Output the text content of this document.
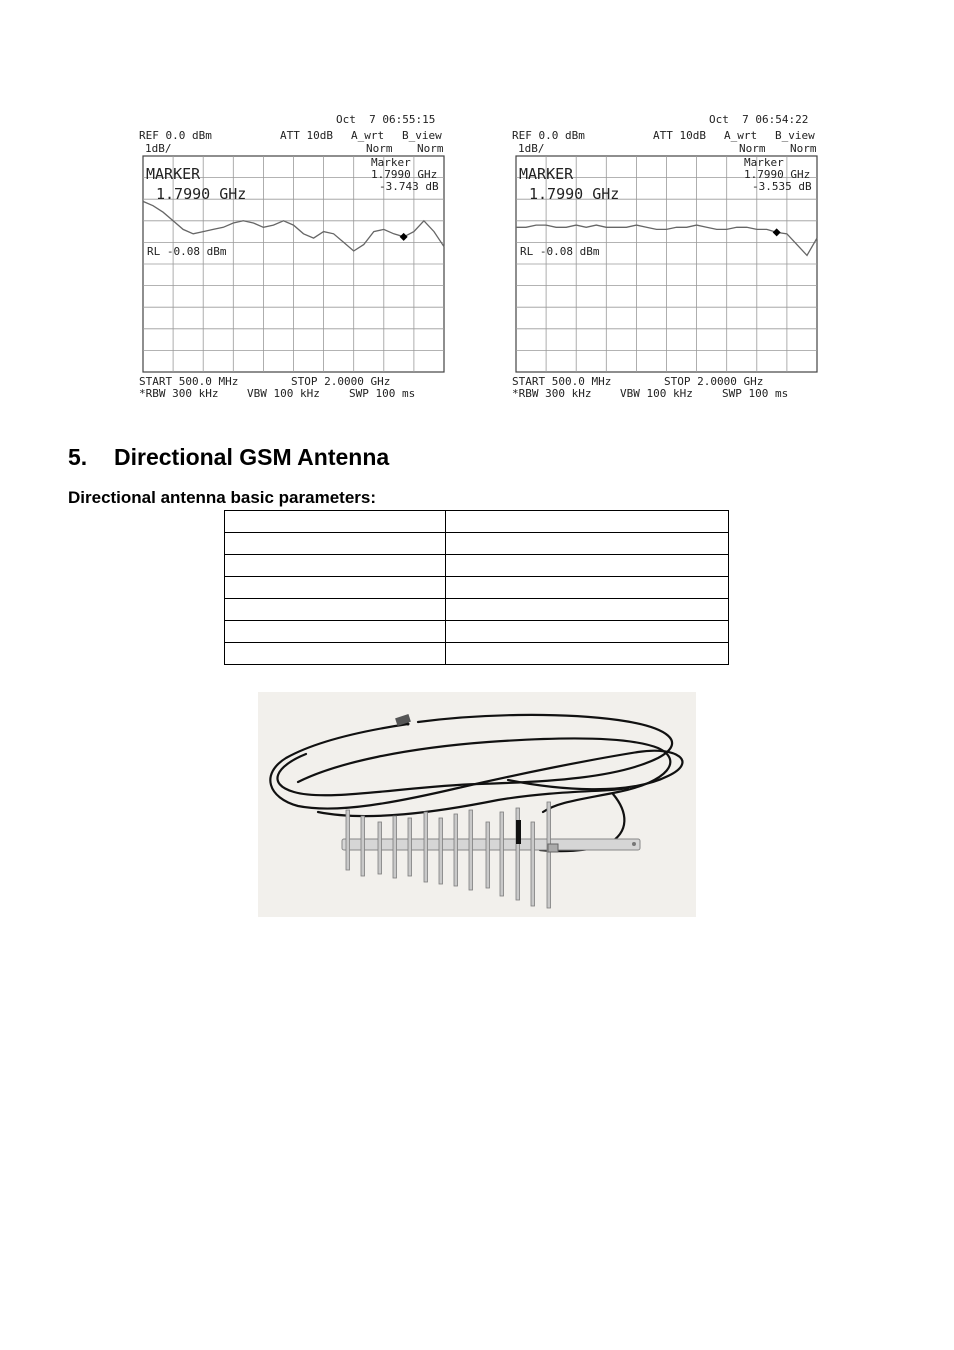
Oct  7 06:55:15
REF 0.0 dBm	ATT 10dB A_wrt B_view
1dB/	Norm Norm
MARKER
1.7990 GHz
Marker
1.7990 GHz
-3.743 dB
RL -0.08 dBm
START 500.0 MHz	STOP 2.0000 GHz
*RBW 300 kHz	VBW 100 kHz	SWP 100 ms
Oct  7 06:54:22
REF 0.0 dBm	ATT 10dB A_wrt B_view
1dB/	Norm Norm
MARKER
1.7990 GHz
Marker
1.7990 GHz
-3.535 dB
RL -0.08 dBm
START 500.0 MHz	STOP 2.0000 GHz
*RBW 300 kHz	VBW 100 kHz	SWP 100 ms
5. Directional GSM Antenna

Directional antenna basic parameters:
